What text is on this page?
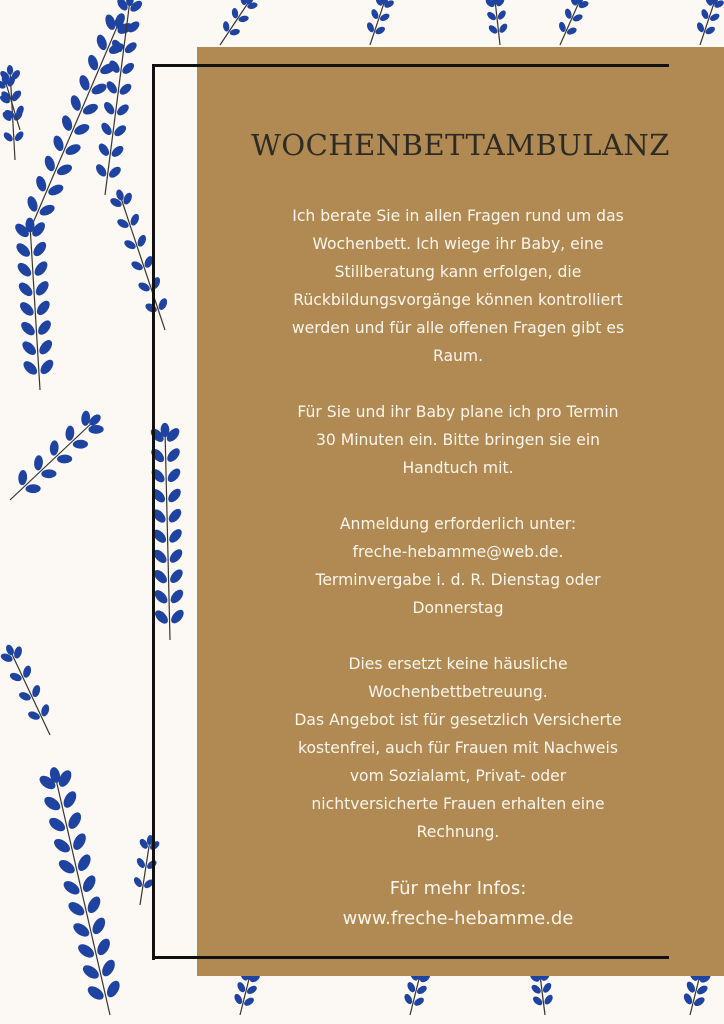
WOCHENBETTAMBULANZ

Ich berate Sie in allen Fragen rund um das
Wochenbett. Ich wiege ihr Baby, eine
Stillberatung kann erfolgen, die
Rückbildungsvorgänge können kontrolliert
werden und für alle offenen Fragen gibt es
Raum.

Für Sie und ihr Baby plane ich pro Termin
30 Minuten ein. Bitte bringen sie ein
Handtuch mit.

Anmeldung erforderlich unter:
freche-hebamme@web.de.
Terminvergabe i. d. R. Dienstag oder
Donnerstag

Dies ersetzt keine häusliche
Wochenbettbetreuung.
Das Angebot ist für gesetzlich Versicherte
kostenfrei, auch für Frauen mit Nachweis
vom Sozialamt, Privat- oder
nichtversicherte Frauen erhalten eine
Rechnung.

Für mehr Infos:
www.freche-hebamme.de
